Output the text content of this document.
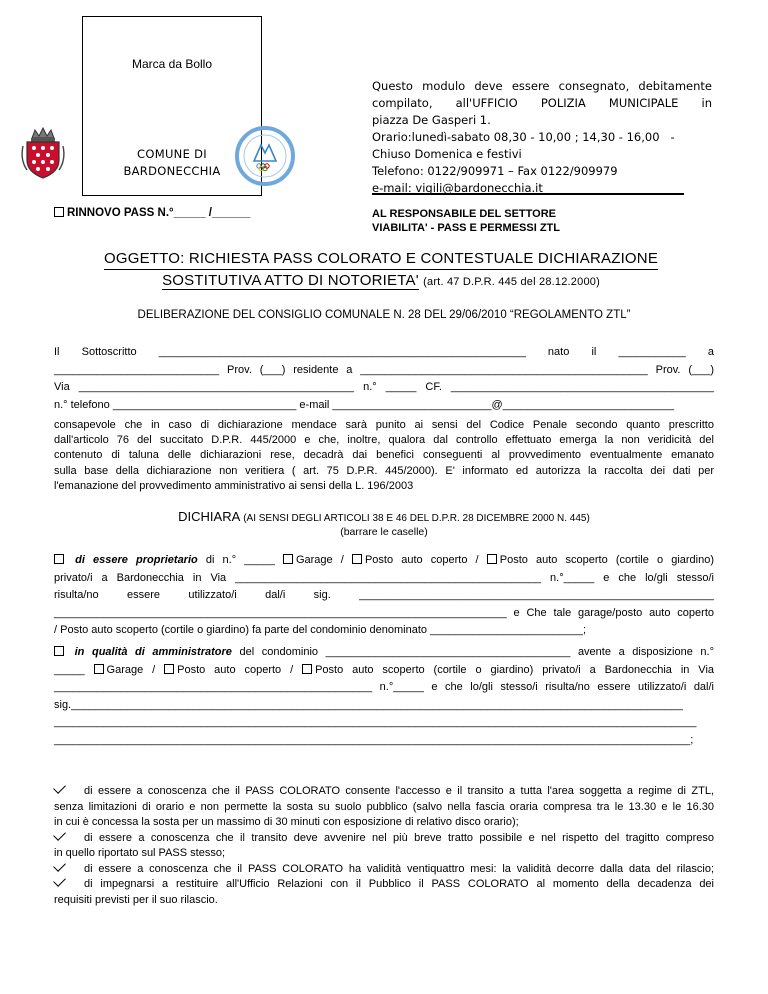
Marca da Bollo
COMUNE DI
BARDONECCHIA
Questo modulo deve essere consegnato, debitamente
compilato, all'UFFICIO POLIZIA MUNICIPALE in
piazza De Gasperi 1.
Orario:lunedì-sabato 08,30 - 10,00 ; 14,30 - 16,00   -
Chiuso Domenica e festivi
Telefono: 0122/909971 – Fax 0122/909979
e-mail: vigili@bardonecchia.it
RINNOVO PASS N.°_____ /______	AL RESPONSABILE DEL SETTORE
VIABILITA' - PASS E PERMESSI ZTL
OGGETTO: RICHIESTA PASS COLORATO E CONTESTUALE DICHIARAZIONE
SOSTITUTIVA ATTO DI NOTORIETA' (art. 47 D.P.R. 445 del 28.12.2000)
DELIBERAZIONE DEL CONSIGLIO COMUNALE N. 28 DEL 29/06/2010 “REGOLAMENTO ZTL”
Il Sottoscritto ____________________________________________________________ nato il ___________ a
___________________________ Prov. (___) residente a _______________________________________________ Prov. (___)
Via _____________________________________________ n.° _____ CF. ___________________________________________
n.° telefono ______________________________ e-mail __________________________@____________________________
consapevole che in caso di dichiarazione mendace sarà punito ai sensi del Codice Penale secondo quanto prescritto
dall'articolo 76 del succitato D.P.R. 445/2000 e che, inoltre, qualora dal controllo effettuato emerga la non veridicità del
contenuto di taluna delle dichiarazioni rese, decadrà dai benefici conseguenti al provvedimento eventualmente emanato
sulla base della dichiarazione non veritiera ( art. 75 D.P.R. 445/2000). E' informato ed autorizza la raccolta dei dati per
l'emanazione del provvedimento amministrativo ai sensi della L. 196/2003
DICHIARA (AI SENSI DEGLI ARTICOLI 38 E 46 DEL D.P.R. 28 DICEMBRE 2000 N. 445)
(barrare le caselle)
di essere proprietario di n.° _____ Garage / Posto auto coperto / Posto auto scoperto (cortile o giardino)
privato/i a Bardonecchia in Via __________________________________________________ n.°_____ e che lo/gli stesso/i
risulta/no essere utilizzato/i dal/i sig. __________________________________________________________
__________________________________________________________________________ e Che tale garage/posto auto coperto
/ Posto auto scoperto (cortile o giardino) fa parte del condominio denominato _________________________;
in qualità di amministratore del condominio ________________________________________ avente a disposizione n.°
_____ Garage / Posto auto coperto / Posto auto scoperto (cortile o giardino) privato/i a Bardonecchia in Via
____________________________________________________ n.°_____ e che lo/gli stesso/i risulta/no essere utilizzato/i dal/i
sig.____________________________________________________________________________________________________
_________________________________________________________________________________________________________
________________________________________________________________________________________________________;
di essere a conoscenza che il PASS COLORATO consente l'accesso e il transito a tutta l'area soggetta a regime di ZTL,
senza limitazioni di orario e non permette la sosta su suolo pubblico (salvo nella fascia oraria compresa tra le 13.30 e le 16.30
in cui è concessa la sosta per un massimo di 30 minuti con esposizione di relativo disco orario);
di essere a conoscenza che il transito deve avvenire nel più breve tratto possibile e nel rispetto del tragitto compreso
in quello riportato sul PASS stesso;
di essere a conoscenza che il PASS COLORATO ha validità ventiquattro mesi: la validità decorre dalla data del rilascio;
di impegnarsi a restituire all'Ufficio Relazioni con il Pubblico il PASS COLORATO al momento della decadenza dei
requisiti previsti per il suo rilascio.
